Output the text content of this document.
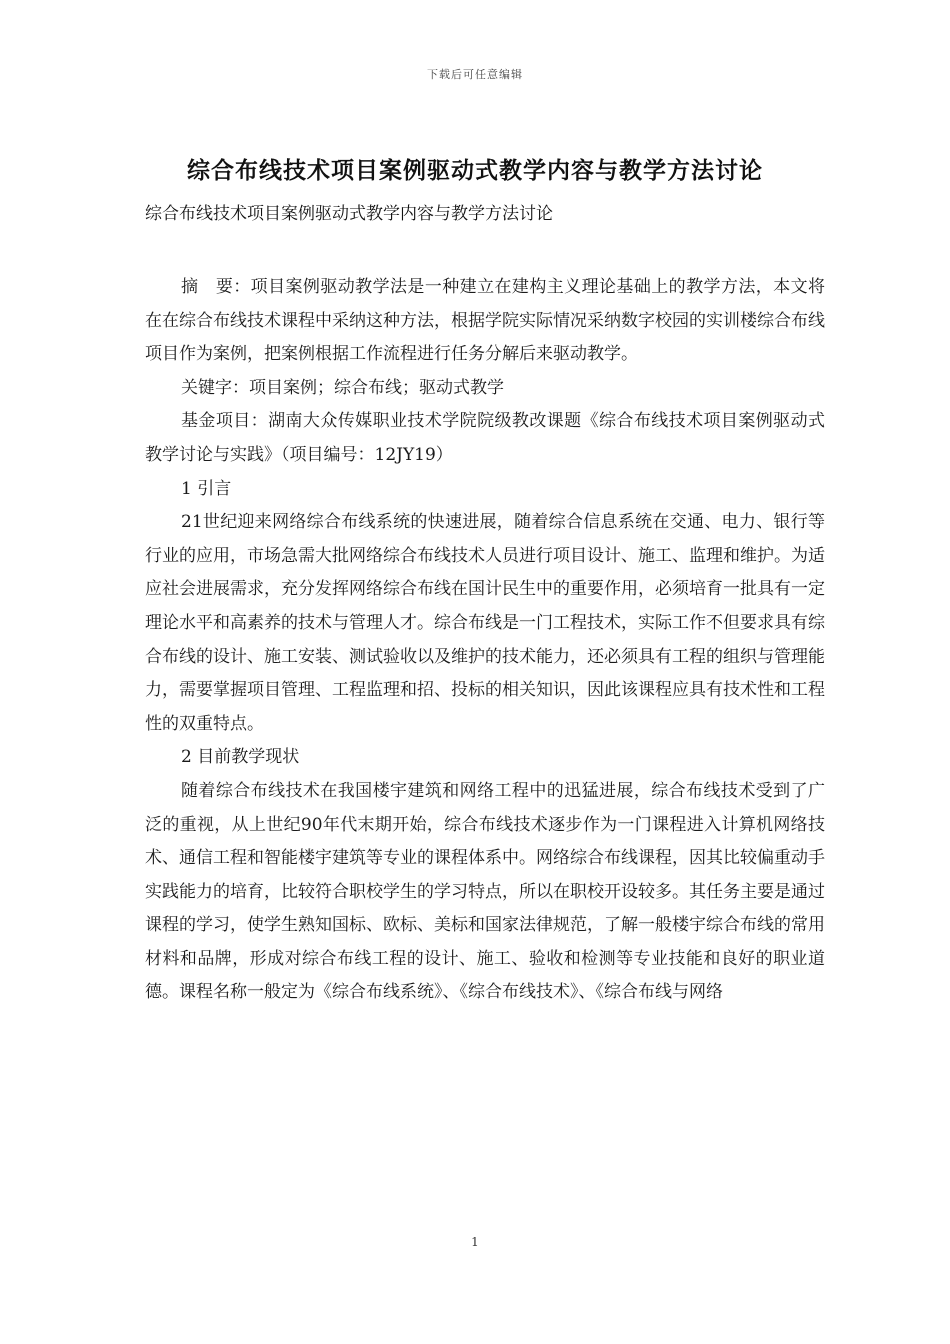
下载后可任意编辑
综合布线技术项目案例驱动式教学内容与教学方法讨论
综合布线技术项目案例驱动式教学内容与教学方法讨论

摘　要：项目案例驱动教学法是一种建立在建构主义理论基础上的教学方法，本文将在在综合布线技术课程中采纳这种方法，根据学院实际情况采纳数字校园的实训楼综合布线项目作为案例，把案例根据工作流程进行任务分解后来驱动教学。

关键字：项目案例；综合布线；驱动式教学

基金项目：湖南大众传媒职业技术学院院级教改课题《综合布线技术项目案例驱动式教学讨论与实践》（项目编号：12JY19）

1 引言

21世纪迎来网络综合布线系统的快速进展，随着综合信息系统在交通、电力、银行等行业的应用，市场急需大批网络综合布线技术人员进行项目设计、施工、监理和维护。为适应社会进展需求，充分发挥网络综合布线在国计民生中的重要作用，必须培育一批具有一定理论水平和高素养的技术与管理人才。综合布线是一门工程技术，实际工作不但要求具有综合布线的设计、施工安装、测试验收以及维护的技术能力，还必须具有工程的组织与管理能力，需要掌握项目管理、工程监理和招、投标的相关知识，因此该课程应具有技术性和工程性的双重特点。

2 目前教学现状

随着综合布线技术在我国楼宇建筑和网络工程中的迅猛进展，综合布线技术受到了广泛的重视，从上世纪90年代末期开始，综合布线技术逐步作为一门课程进入计算机网络技术、通信工程和智能楼宇建筑等专业的课程体系中。网络综合布线课程，因其比较偏重动手实践能力的培育，比较符合职校学生的学习特点，所以在职校开设较多。其任务主要是通过课程的学习，使学生熟知国标、欧标、美标和国家法律规范，了解一般楼宇综合布线的常用材料和品牌，形成对综合布线工程的设计、施工、验收和检测等专业技能和良好的职业道德。课程名称一般定为《综合布线系统》、《综合布线技术》、《综合布线与网络

1
